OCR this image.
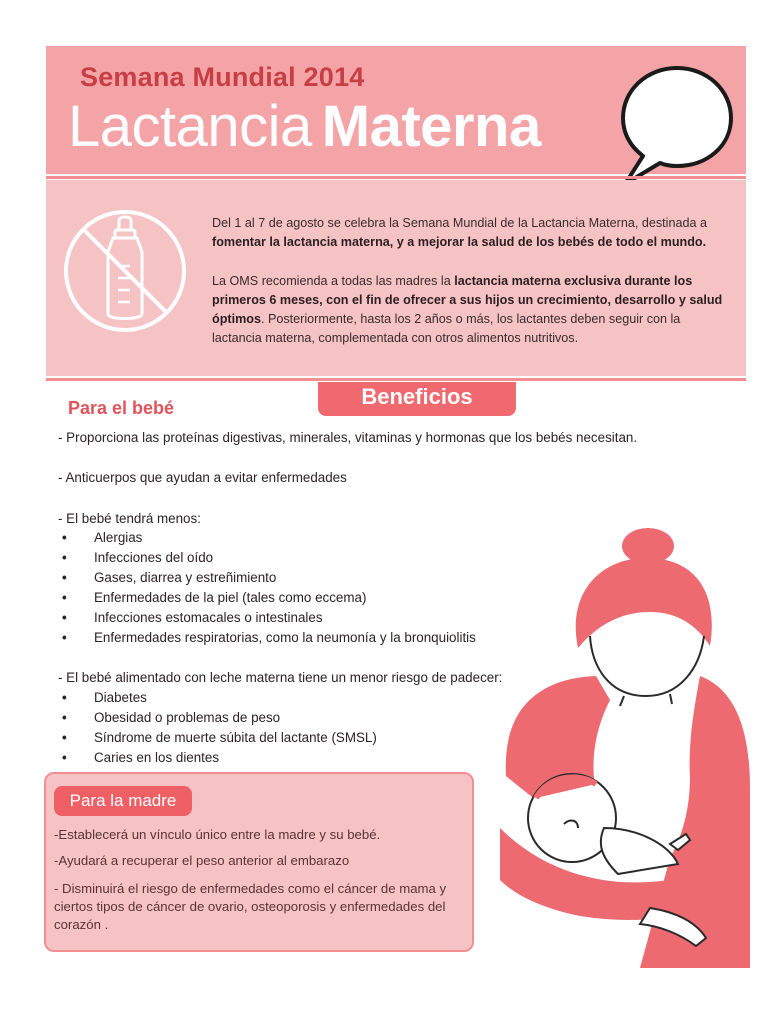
Semana Mundial 2014
Lactancia Materna
Del 1 al 7 de agosto se celebra la Semana Mundial de la Lactancia Materna, destinada a fomentar la lactancia materna, y a mejorar la salud de los bebés de todo el mundo.
La OMS recomienda a todas las madres la lactancia materna exclusiva durante los primeros 6 meses, con el fin de ofrecer a sus hijos un crecimiento, desarrollo y salud óptimos. Posteriormente, hasta los 2 años o más, los lactantes deben seguir con la lactancia materna, complementada con otros alimentos nutritivos.
Beneficios
Para el bebé
- Proporciona las proteínas digestivas, minerales, vitaminas y hormonas que los bebés necesitan.
- Anticuerpos que ayudan a evitar enfermedades
- El bebé tendrá menos:
• Alergias
• Infecciones del oído
• Gases, diarrea y estreñimiento
• Enfermedades de la piel (tales como eccema)
• Infecciones estomacales o intestinales
• Enfermedades respiratorias, como la neumonía y la bronquiolitis
- El bebé alimentado con leche materna tiene un menor riesgo de padecer:
• Diabetes
• Obesidad o problemas de peso
• Síndrome de muerte súbita del lactante (SMSL)
• Caries en los dientes
Para la madre
-Establecerá un vínculo único entre la madre y su bebé.
-Ayudará a recuperar el peso anterior al embarazo
- Disminuirá el riesgo de enfermedades como el cáncer de mama y ciertos tipos de cáncer de ovario, osteoporosis y enfermedades del corazón .
